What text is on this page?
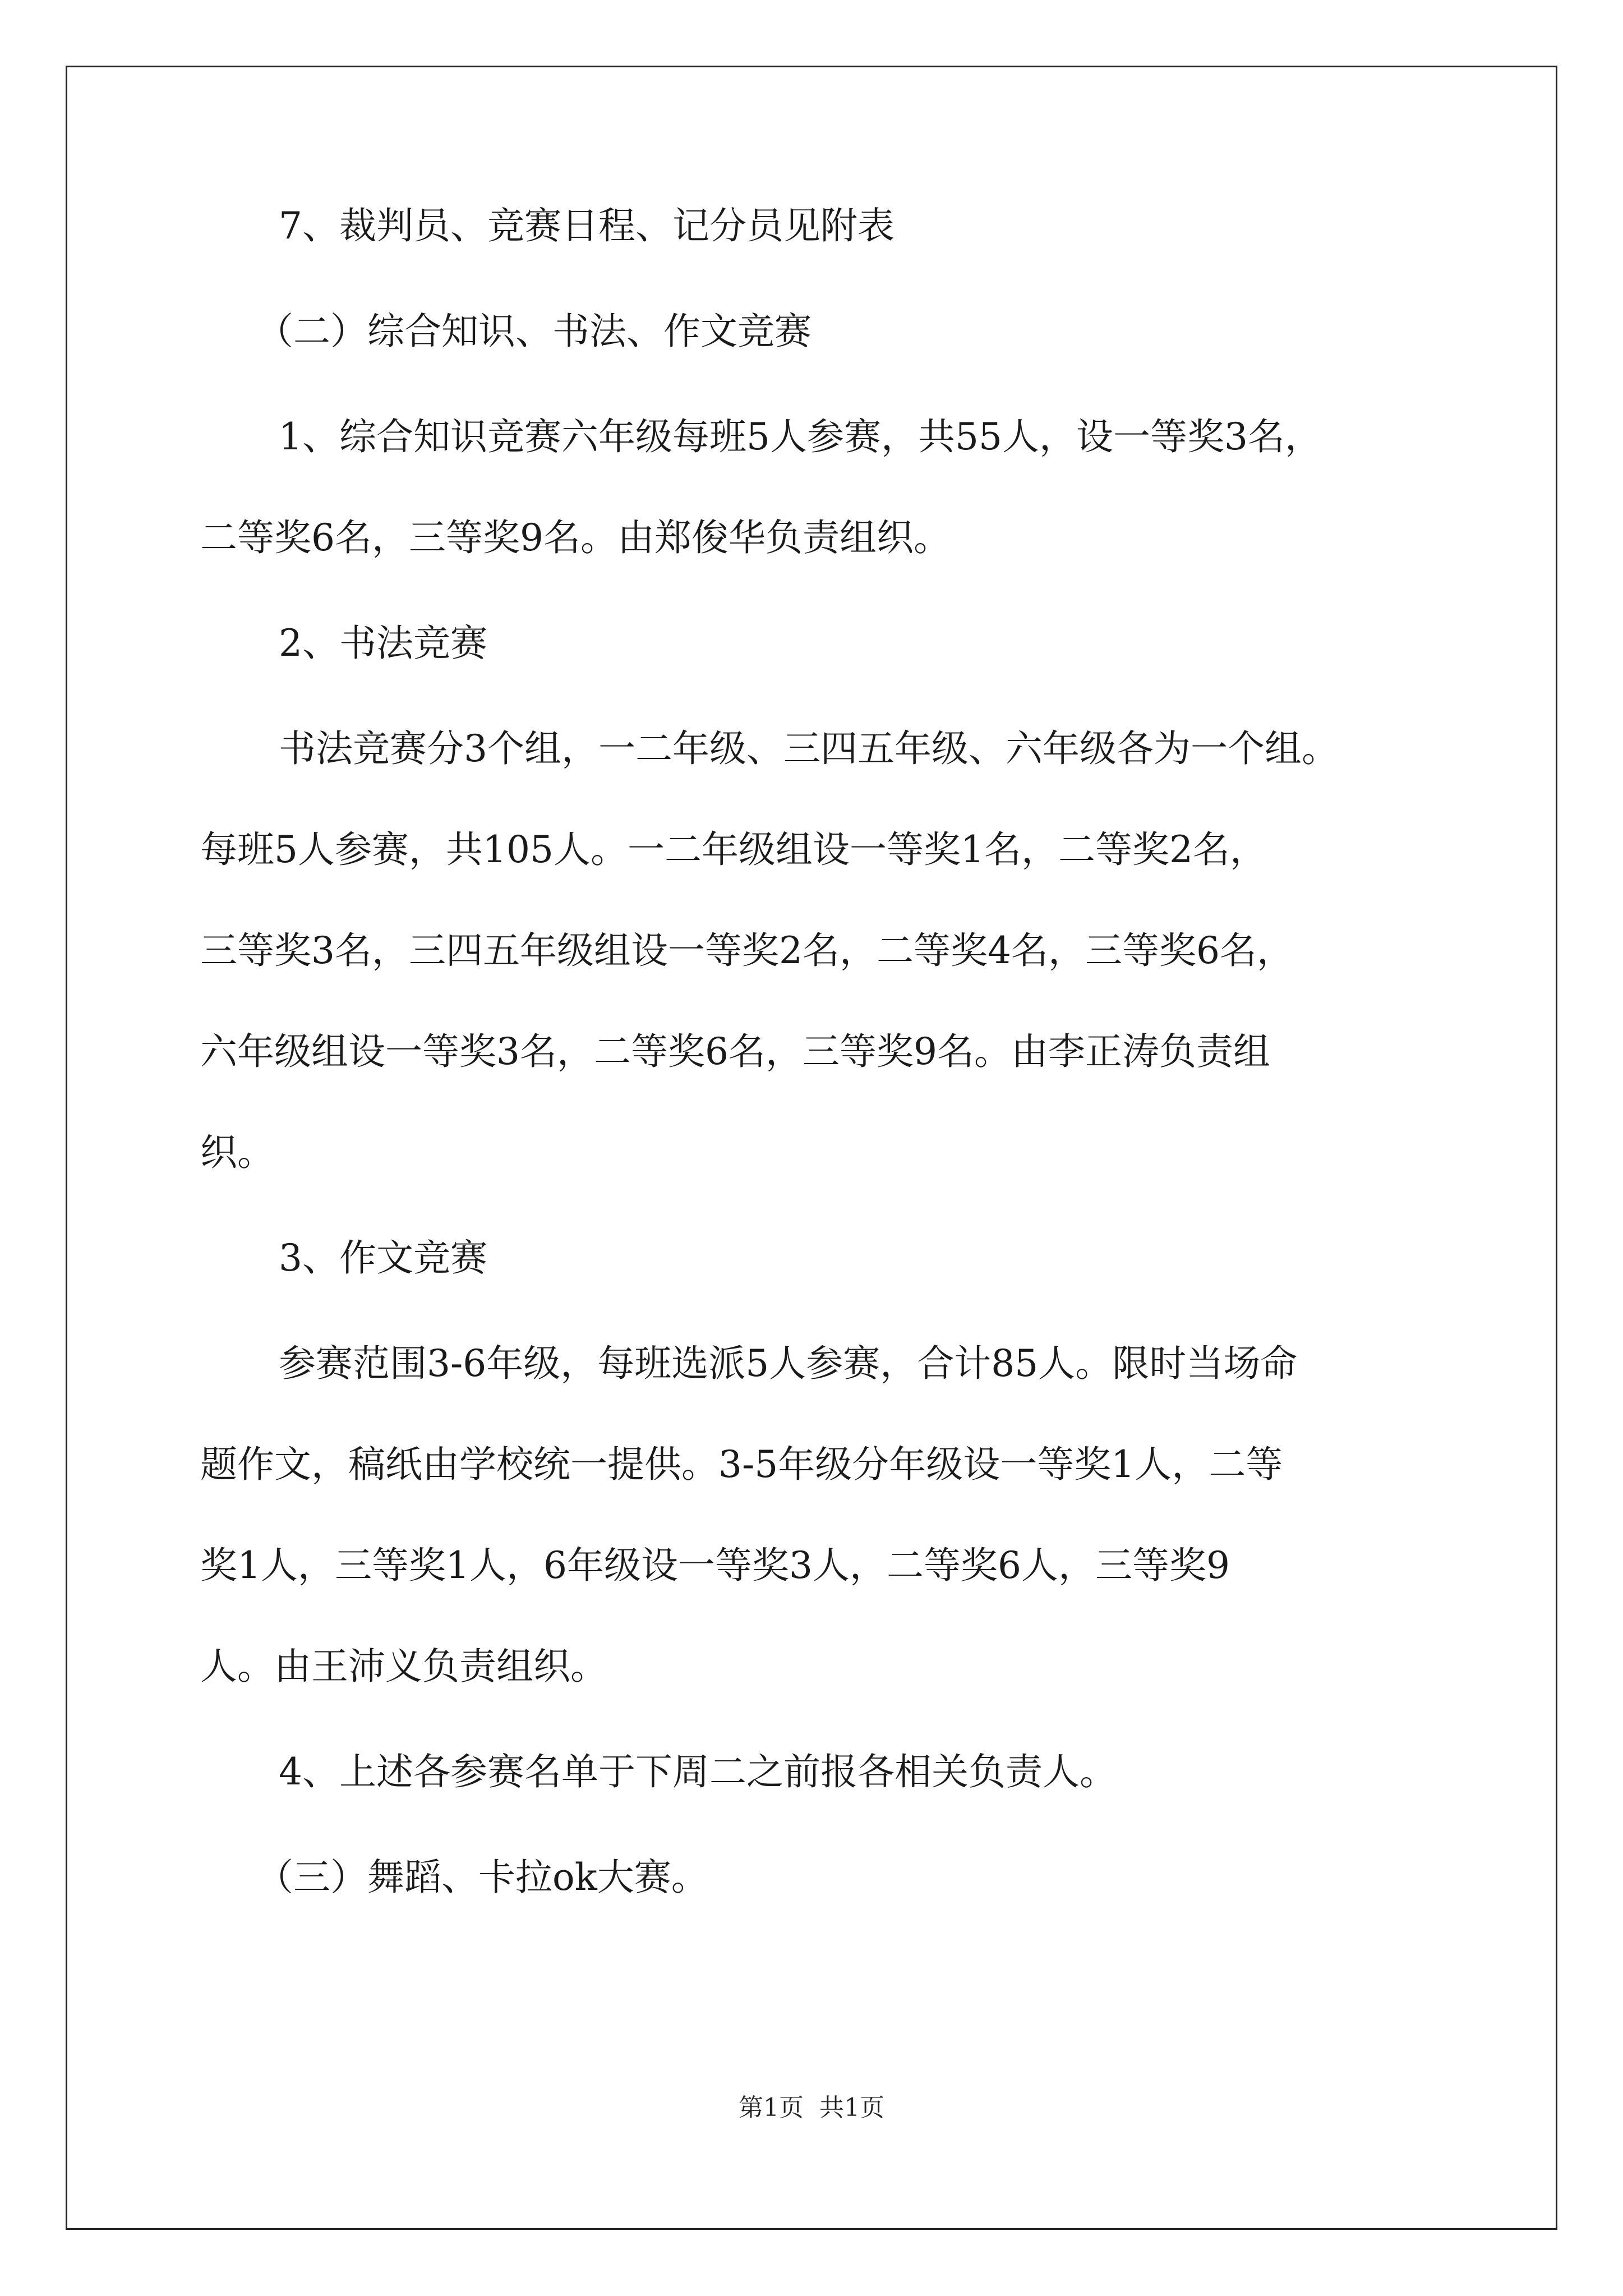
7、裁判员、竞赛日程、记分员见附表
（二）综合知识、书法、作文竞赛
1、综合知识竞赛六年级每班5人参赛，共55人，设一等奖3名，
二等奖6名，三等奖9名。由郑俊华负责组织。
2、书法竞赛
书法竞赛分3个组，一二年级、三四五年级、六年级各为一个组。
每班5人参赛，共105人。一二年级组设一等奖1名，二等奖2名，
三等奖3名，三四五年级组设一等奖2名，二等奖4名，三等奖6名，
六年级组设一等奖3名，二等奖6名，三等奖9名。由李正涛负责组
织。
3、作文竞赛
参赛范围3-6年级，每班选派5人参赛，合计85人。限时当场命
题作文，稿纸由学校统一提供。3-5年级分年级设一等奖1人，二等
奖1人，三等奖1人，6年级设一等奖3人，二等奖6人，三等奖9
人。由王沛义负责组织。
4、上述各参赛名单于下周二之前报各相关负责人。
（三）舞蹈、卡拉ok大赛。
第1页 共1页
